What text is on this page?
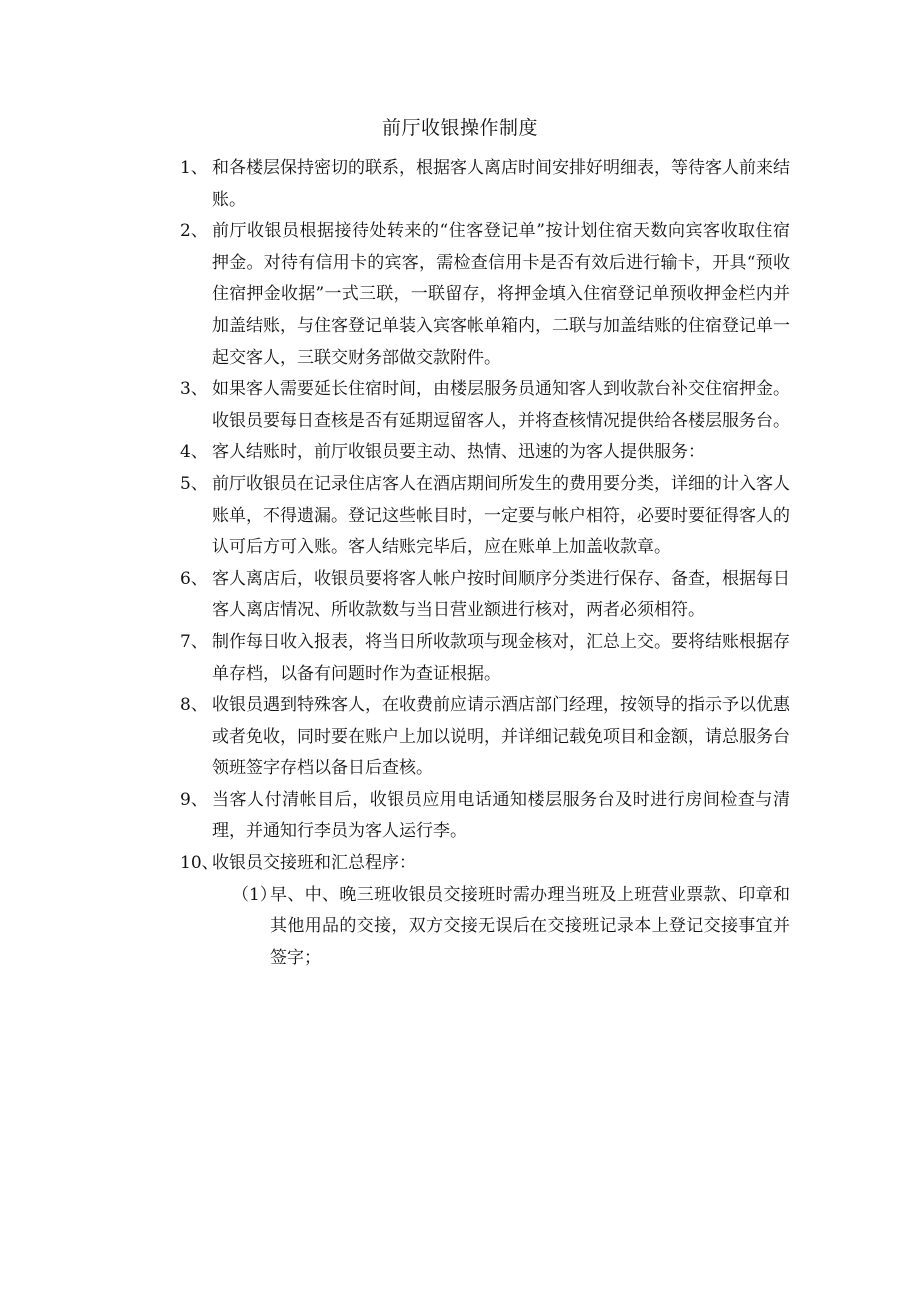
前厅收银操作制度
1、 和各楼层保持密切的联系，根据客人离店时间安排好明细表，等待客人前来结账。
2、 前厅收银员根据接待处转来的“住客登记单”按计划住宿天数向宾客收取住宿押金。对待有信用卡的宾客，需检查信用卡是否有效后进行输卡，开具“预收住宿押金收据”一式三联，一联留存，将押金填入住宿登记单预收押金栏内并加盖结账，与住客登记单装入宾客帐单箱内，二联与加盖结账的住宿登记单一起交客人，三联交财务部做交款附件。
3、 如果客人需要延长住宿时间，由楼层服务员通知客人到收款台补交住宿押金。收银员要每日查核是否有延期逗留客人，并将查核情况提供给各楼层服务台。
4、 客人结账时，前厅收银员要主动、热情、迅速的为客人提供服务：
5、 前厅收银员在记录住店客人在酒店期间所发生的费用要分类，详细的计入客人账单，不得遗漏。登记这些帐目时，一定要与帐户相符，必要时要征得客人的认可后方可入账。客人结账完毕后，应在账单上加盖收款章。
6、 客人离店后，收银员要将客人帐户按时间顺序分类进行保存、备查，根据每日客人离店情况、所收款数与当日营业额进行核对，两者必须相符。
7、 制作每日收入报表，将当日所收款项与现金核对，汇总上交。要将结账根据存单存档，以备有问题时作为查证根据。
8、 收银员遇到特殊客人，在收费前应请示酒店部门经理，按领导的指示予以优惠或者免收，同时要在账户上加以说明，并详细记载免项目和金额，请总服务台领班签字存档以备日后查核。
9、 当客人付清帐目后，收银员应用电话通知楼层服务台及时进行房间检查与清理，并通知行李员为客人运行李。
10、
收银员交接班和汇总程序：
（1）
早、中、晚三班收银员交接班时需办理当班及上班营业票款、印章和其他用品的交接，双方交接无误后在交接班记录本上登记交接事宜并签字；
